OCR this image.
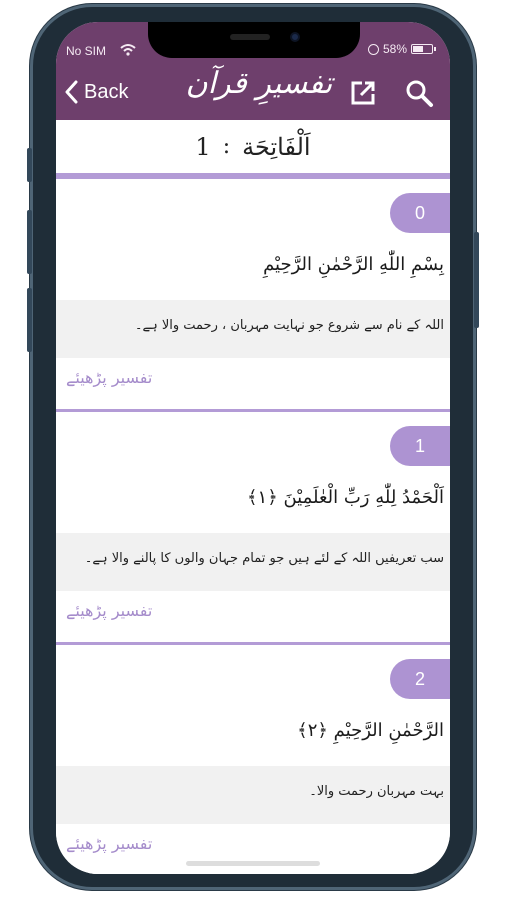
No SIM	58%
Back تفسیرِ قرآن
1 : اَلْفَاتِحَة
0
بِسْمِ اللّٰهِ الرَّحْمٰنِ الرَّحِيْمِ
اللہ کے نام سے شروع جو نہایت مہربان ، رحمت والا ہے۔
تفسیر پڑھیئے
1
اَلْحَمْدُ لِلّٰهِ رَبِّ الْعٰلَمِيْنَ ﴿۱﴾
سب تعریفیں اللہ کے لئے ہیں جو تمام جہان والوں کا پالنے والا ہے۔
تفسیر پڑھیئے
2
الرَّحْمٰنِ الرَّحِيْمِ ﴿۲﴾
بہت مہربان رحمت والا۔
تفسیر پڑھیئے
